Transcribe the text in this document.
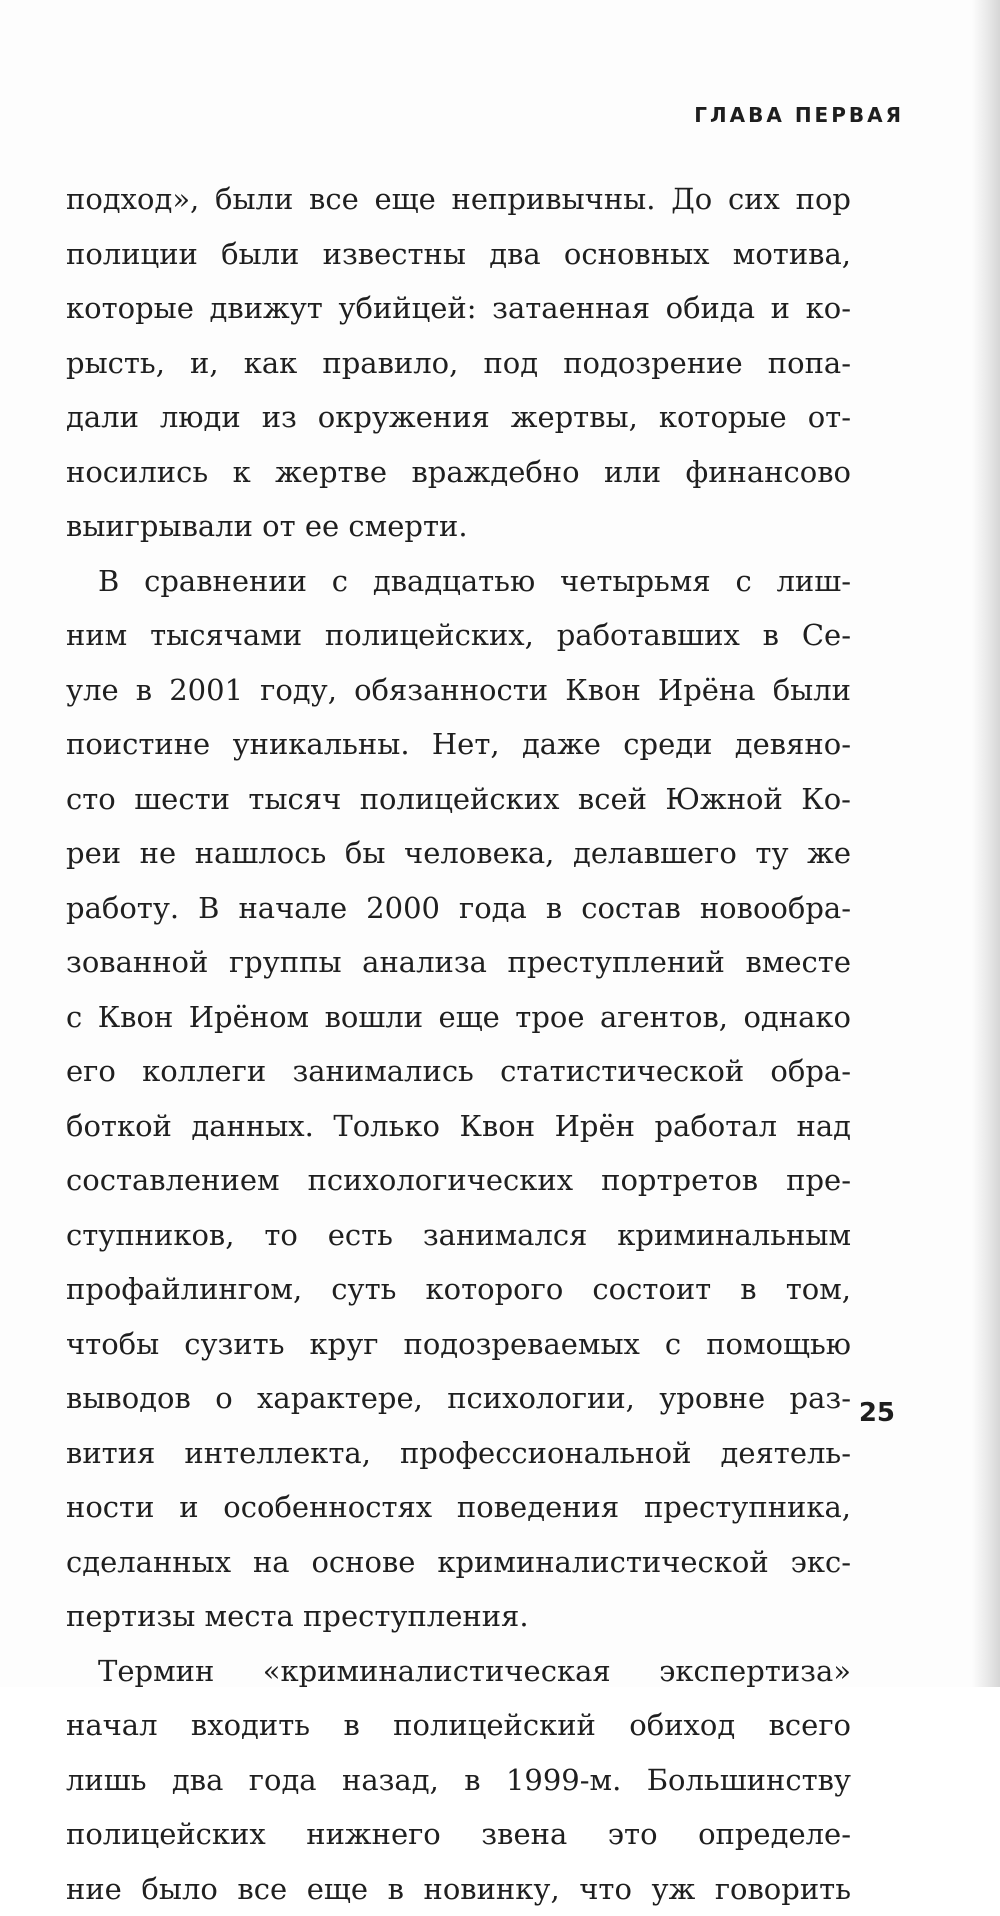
ГЛАВА ПЕРВАЯ
подход», были все еще непривычны. До сих пор
полиции были известны два основных мотива,
которые движут убийцей: затаенная обида и ко-
рысть, и, как правило, под подозрение попа-
дали люди из окружения жертвы, которые от-
носились к жертве враждебно или финансово
выигрывали от ее смерти.
В сравнении с двадцатью четырьмя с лиш-
ним тысячами полицейских, работавших в Се-
уле в 2001 году, обязанности Квон Ирёна были
поистине уникальны. Нет, даже среди девяно-
сто шести тысяч полицейских всей Южной Ко-
реи не нашлось бы человека, делавшего ту же
работу. В начале 2000 года в состав новообра-
зованной группы анализа преступлений вместе
с Квон Ирёном вошли еще трое агентов, однако
его коллеги занимались статистической обра-
боткой данных. Только Квон Ирён работал над
составлением психологических портретов пре-
ступников, то есть занимался криминальным
профайлингом, суть которого состоит в том,
чтобы сузить круг подозреваемых с помощью
выводов о характере, психологии, уровне раз-
вития интеллекта, профессиональной деятель-
ности и особенностях поведения преступника,
сделанных на основе криминалистической экс-
пертизы места преступления.
Термин «криминалистическая экспертиза»
начал входить в полицейский обиход всего
лишь два года назад, в 1999-м. Большинству
полицейских нижнего звена это определе-
ние было все еще в новинку, что уж говорить
25
